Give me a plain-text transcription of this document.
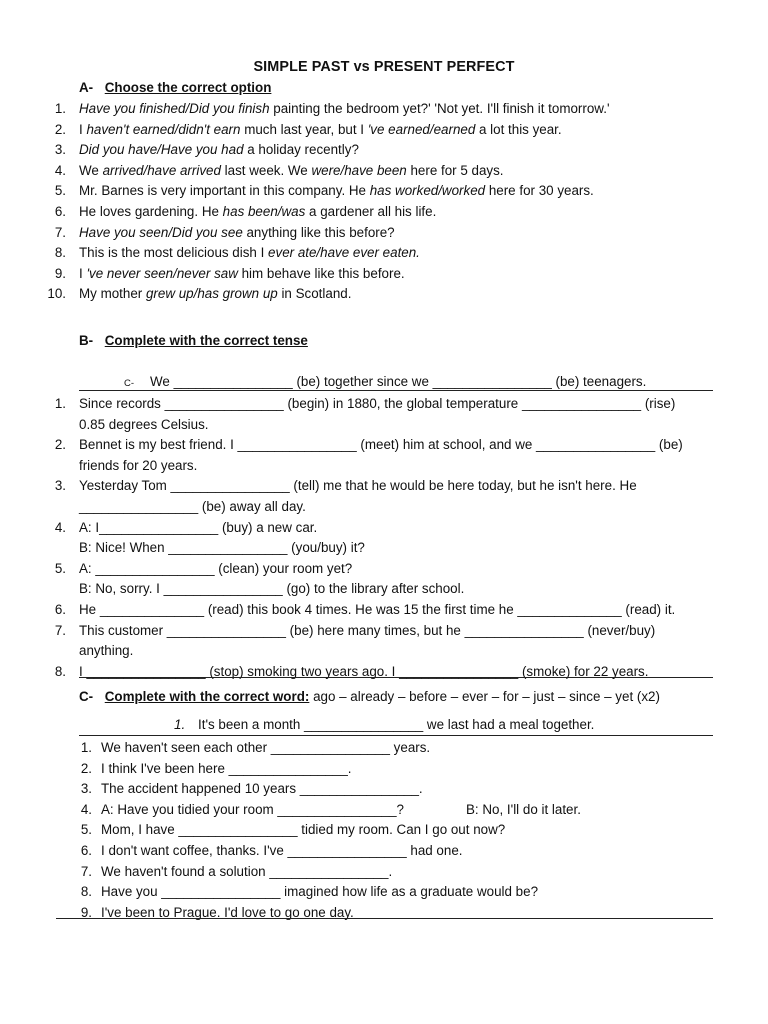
SIMPLE PAST vs PRESENT PERFECT
A- Choose the correct option
1. Have you finished/Did you finish painting the bedroom yet?' 'Not yet. I'll finish it tomorrow.'
2. I haven't earned/didn't earn much last year, but I 've earned/earned a lot this year.
3. Did you have/Have you had a holiday recently?
4. We arrived/have arrived last week. We were/have been here for 5 days.
5. Mr. Barnes is very important in this company. He has worked/worked here for 30 years.
6. He loves gardening. He has been/was a gardener all his life.
7. Have you seen/Did you see anything like this before?
8. This is the most delicious dish I ever ate/have ever eaten.
9. I 've never seen/never saw him behave like this before.
10. My mother grew up/has grown up in Scotland.
B- Complete with the correct tense
C- We ________________ (be) together since we ________________ (be) teenagers.
1. Since records ________________ (begin) in 1880, the global temperature ________________ (rise)
0.85 degrees Celsius.
2. Bennet is my best friend. I ________________ (meet) him at school, and we ________________ (be)
friends for 20 years.
3. Yesterday Tom ________________ (tell) me that he would be here today, but he isn't here. He
________________ (be) away all day.
4. A: I________________ (buy) a new car.
B: Nice! When ________________ (you/buy) it?
5. A: ________________ (clean) your room yet?
B: No, sorry. I ________________ (go) to the library after school.
6. He ______________ (read) this book 4 times. He was 15 the first time he ______________ (read) it.
7. This customer ________________ (be) here many times, but he ________________ (never/buy)
anything.
8. I ________________ (stop) smoking two years ago. I ________________ (smoke) for 22 years.
C- Complete with the correct word: ago – already – before – ever – for – just – since – yet (x2)
1. It's been a month ________________ we last had a meal together.
1. We haven't seen each other ________________ years.
2. I think I've been here ________________.
3. The accident happened 10 years ________________.
4. A: Have you tidied your room ________________?	B: No, I'll do it later.
5. Mom, I have ________________ tidied my room. Can I go out now?
6. I don't want coffee, thanks. I've ________________ had one.
7. We haven't found a solution ________________.
8. Have you ________________ imagined how life as a graduate would be?
9. I've been to Prague. I'd love to go one day.
